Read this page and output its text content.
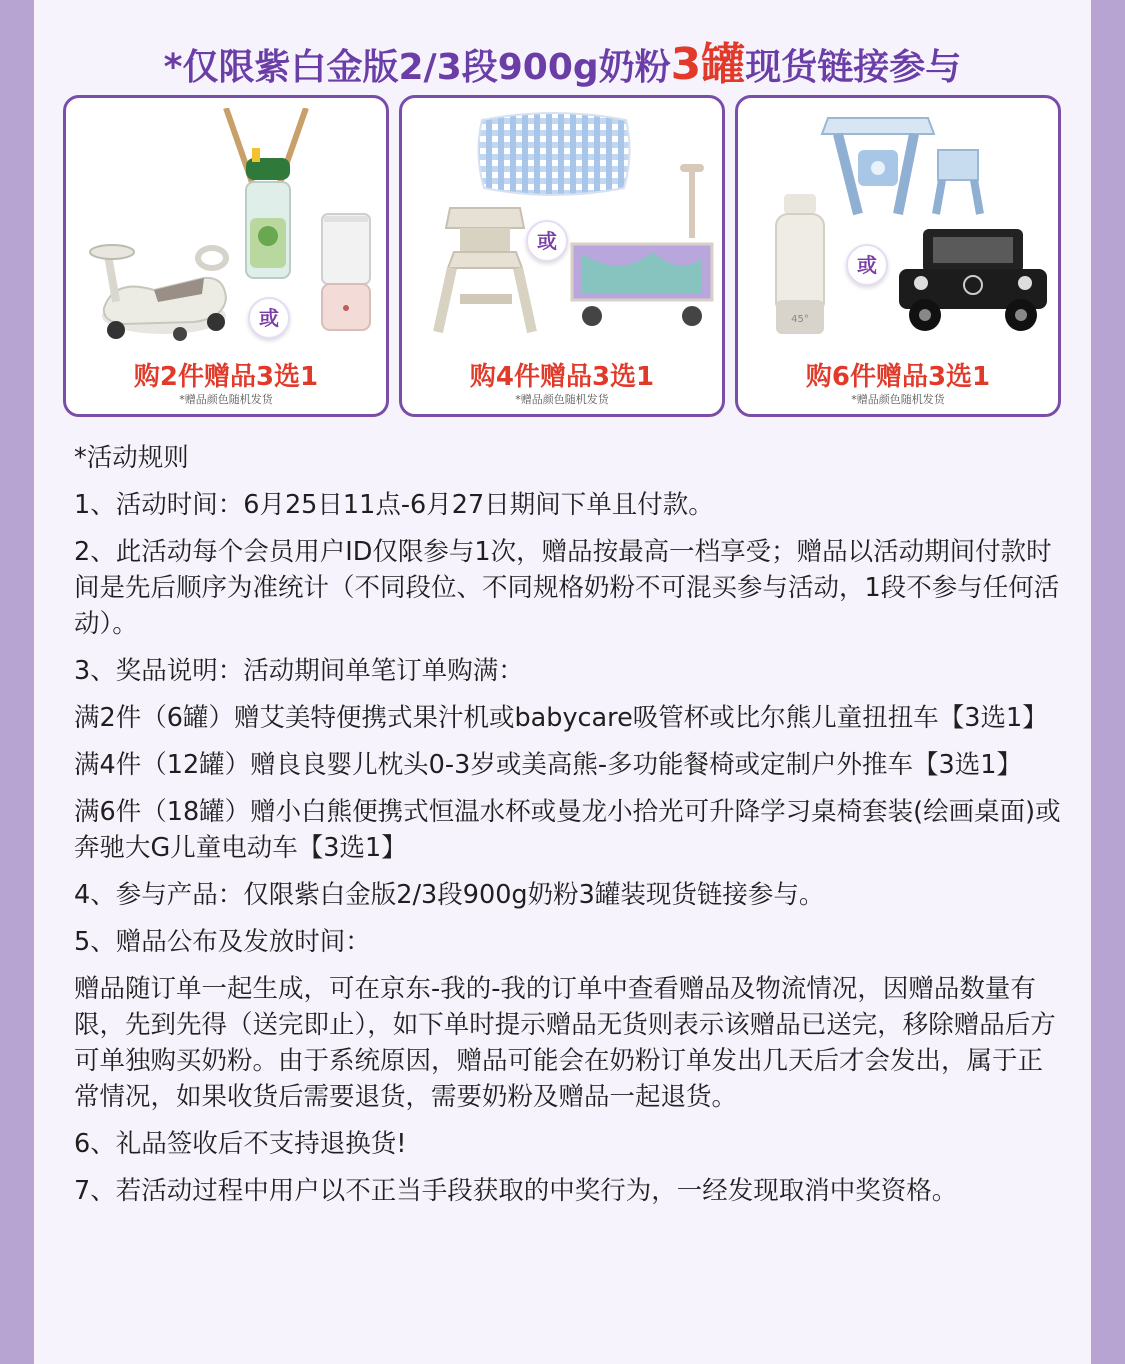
*仅限紫白金版2/3段900g奶粉3罐现货链接参与
或
购2件赠品3选1
*赠品颜色随机发货
或
购4件赠品3选1
*赠品颜色随机发货
45°
或
购6件赠品3选1
*赠品颜色随机发货

*活动规则

1、活动时间：6月25日11点-6月27日期间下单且付款。

2、此活动每个会员用户ID仅限参与1次，赠品按最高一档享受；赠品以活动期间付款时间是先后顺序为准统计（不同段位、不同规格奶粉不可混买参与活动，1段不参与任何活动）。

3、奖品说明：活动期间单笔订单购满：

满2件（6罐）赠艾美特便携式果汁机或babycare吸管杯或比尔熊儿童扭扭车【3选1】

满4件（12罐）赠良良婴儿枕头0-3岁或美高熊-多功能餐椅或定制户外推车【3选1】

满6件（18罐）赠小白熊便携式恒温水杯或曼龙小拾光可升降学习桌椅套装(绘画桌面)或奔驰大G儿童电动车【3选1】

4、参与产品：仅限紫白金版2/3段900g奶粉3罐装现货链接参与。

5、赠品公布及发放时间：

赠品随订单一起生成，可在京东-我的-我的订单中查看赠品及物流情况，因赠品数量有限，先到先得（送完即止），如下单时提示赠品无货则表示该赠品已送完，移除赠品后方可单独购买奶粉。由于系统原因，赠品可能会在奶粉订单发出几天后才会发出，属于正常情况，如果收货后需要退货，需要奶粉及赠品一起退货。

6、礼品签收后不支持退换货!

7、若活动过程中用户以不正当手段获取的中奖行为，一经发现取消中奖资格。
